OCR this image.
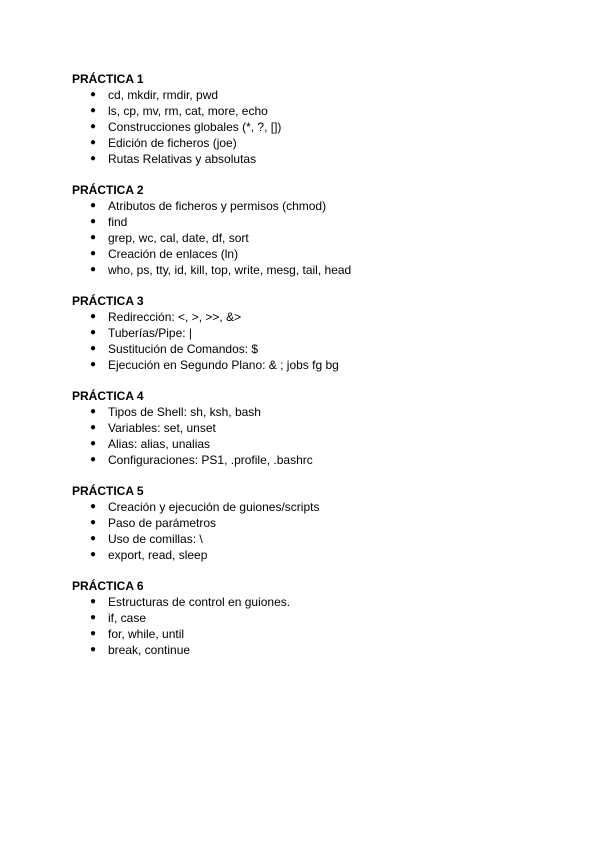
PRÁCTICA 1
● cd, mkdir, rmdir, pwd
● ls, cp, mv, rm, cat, more, echo
● Construcciones globales (*, ?, [])
● Edición de ficheros (joe)
● Rutas Relativas y absolutas
PRÁCTICA 2
● Atributos de ficheros y permisos (chmod)
● find
● grep, wc, cal, date, df, sort
● Creación de enlaces (ln)
● who, ps, tty, id, kill, top, write, mesg, tail, head
PRÁCTICA 3
● Redirección: <, >, >>, &>
● Tuberías/Pipe: |
● Sustitución de Comandos: $
● Ejecución en Segundo Plano: & ; jobs fg bg
PRÁCTICA 4
● Tipos de Shell: sh, ksh, bash
● Variables: set, unset
● Alias: alias, unalias
● Configuraciones: PS1, .profile, .bashrc
PRÁCTICA 5
● Creación y ejecución de guiones/scripts
● Paso de parámetros
● Uso de comillas: \
● export, read, sleep
PRÁCTICA 6
● Estructuras de control en guiones.
● if, case
● for, while, until
● break, continue
